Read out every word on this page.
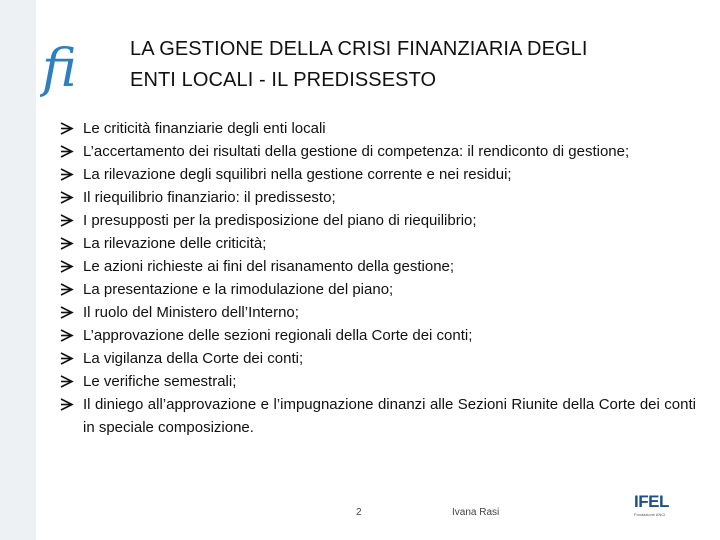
fi	LA GESTIONE DELLA CRISI FINANZIARIA DEGLI
ENTI LOCALI - IL PREDISSESTO
Le criticità finanziarie degli enti locali
L’accertamento dei risultati della gestione di competenza: il rendiconto di gestione;
La rilevazione degli squilibri nella gestione corrente e nei residui;
Il riequilibrio finanziario: il predissesto;
I presupposti per la predisposizione del piano di riequilibrio;
La rilevazione delle criticità;
Le azioni richieste ai fini del risanamento della gestione;
La presentazione e la rimodulazione del piano;
Il ruolo del Ministero dell’Interno;
L’approvazione delle sezioni regionali della Corte dei conti;
La vigilanza della Corte dei conti;
Le verifiche semestrali;
Il diniego all’approvazione e l’impugnazione dinanzi alle Sezioni Riunite della Corte dei conti in speciale composizione.
2	Ivana Rasi
IFEL
Fondazione ANCI
